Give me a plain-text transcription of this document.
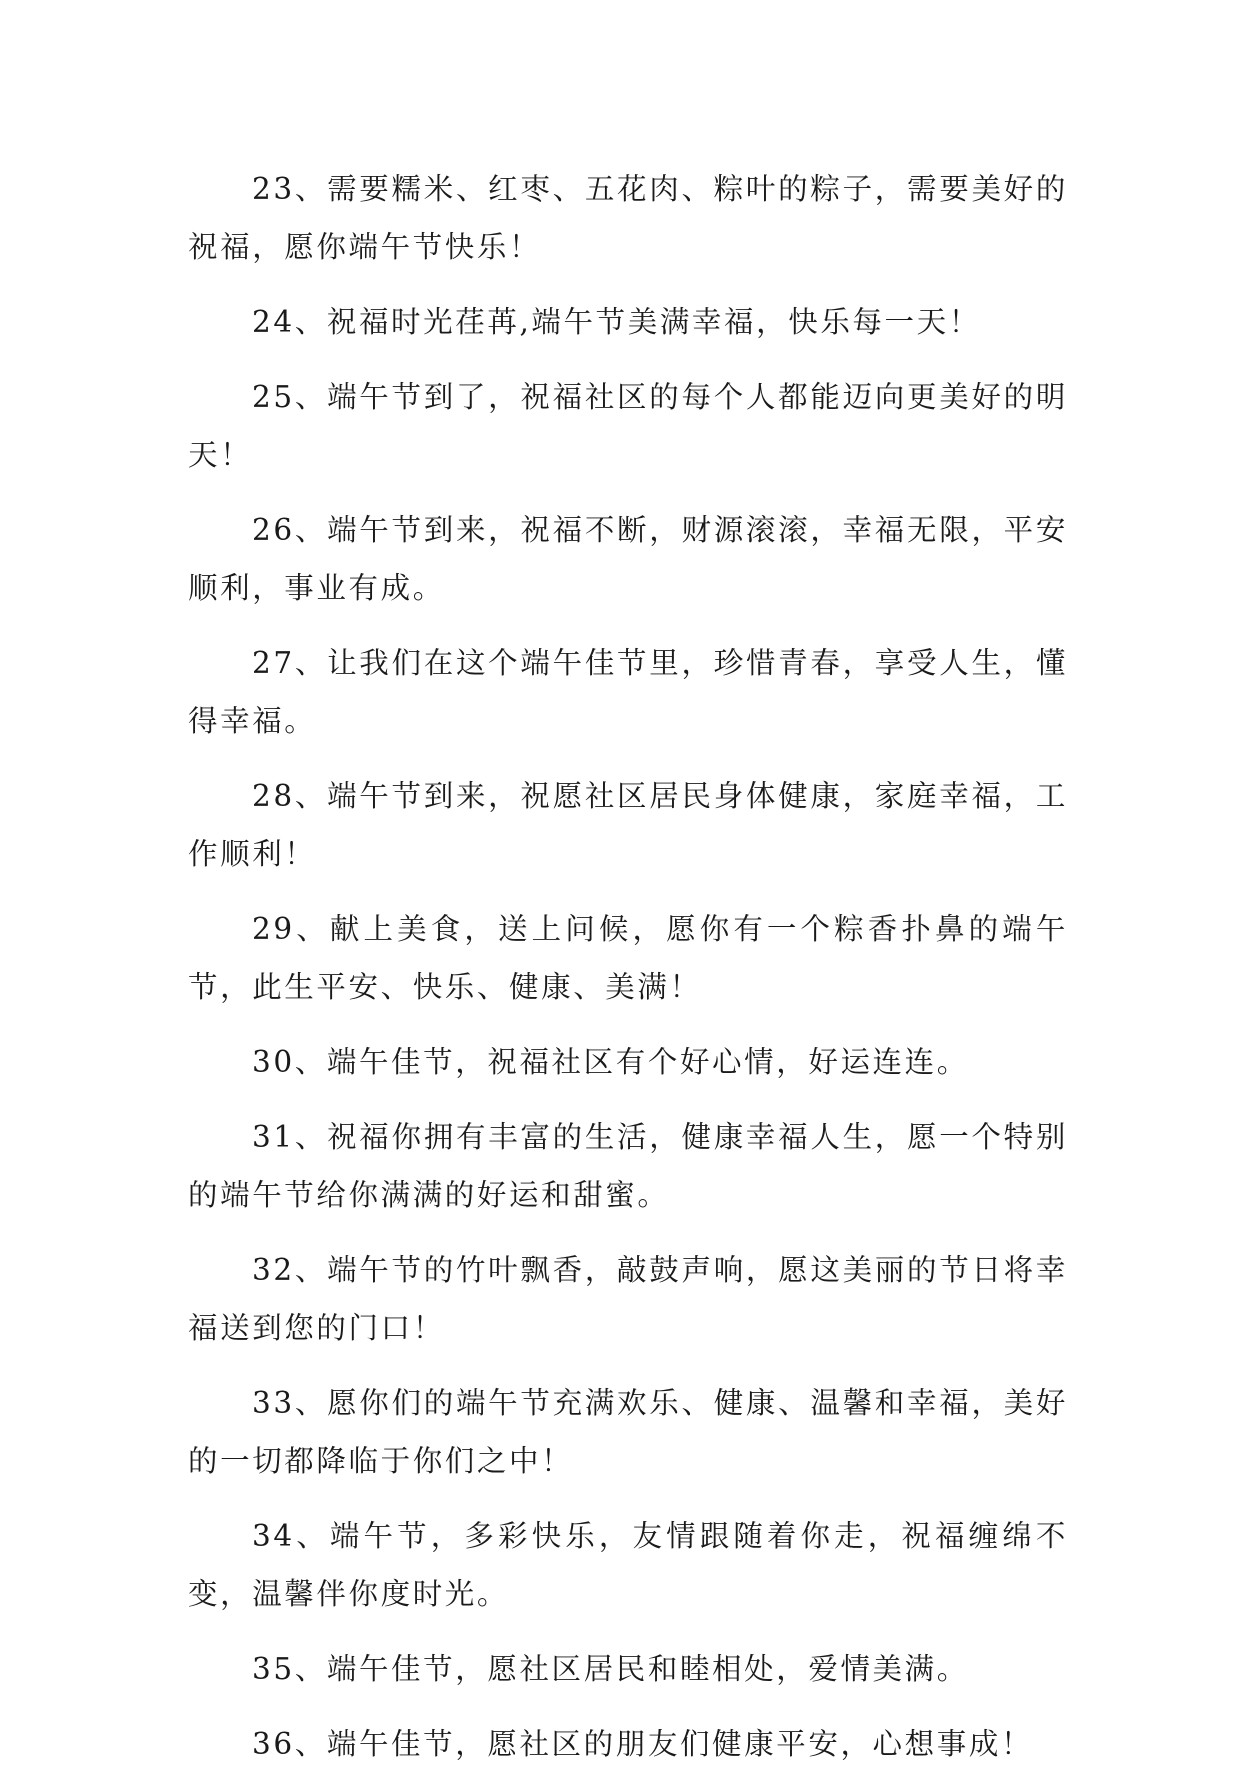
23、需要糯米、红枣、五花肉、粽叶的粽子，需要美好的祝福，愿你端午节快乐！

24、祝福时光荏苒,端午节美满幸福，快乐每一天！

25、端午节到了，祝福社区的每个人都能迈向更美好的明天！

26、端午节到来，祝福不断，财源滚滚，幸福无限，平安顺利，事业有成。

27、让我们在这个端午佳节里，珍惜青春，享受人生，懂得幸福。

28、端午节到来，祝愿社区居民身体健康，家庭幸福，工作顺利！

29、献上美食，送上问候，愿你有一个粽香扑鼻的端午节，此生平安、快乐、健康、美满！

30、端午佳节，祝福社区有个好心情，好运连连。

31、祝福你拥有丰富的生活，健康幸福人生，愿一个特别的端午节给你满满的好运和甜蜜。

32、端午节的竹叶飘香，敲鼓声响，愿这美丽的节日将幸福送到您的门口！

33、愿你们的端午节充满欢乐、健康、温馨和幸福，美好的一切都降临于你们之中！

34、端午节，多彩快乐，友情跟随着你走，祝福缠绵不变，温馨伴你度时光。

35、端午佳节，愿社区居民和睦相处，爱情美满。

36、端午佳节，愿社区的朋友们健康平安，心想事成！
